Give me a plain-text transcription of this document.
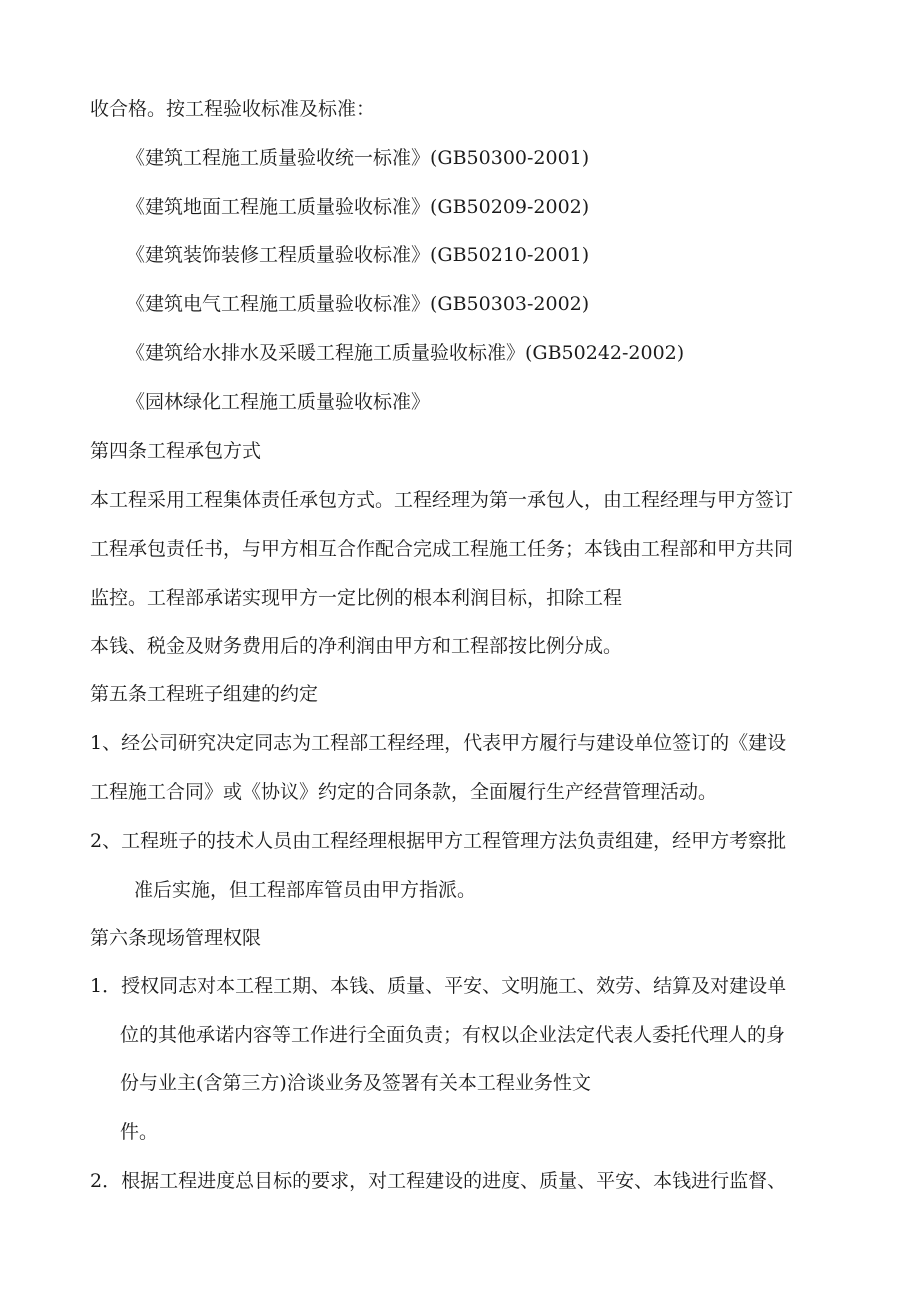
收合格。按工程验收标准及标准：
《建筑工程施工质量验收统一标准》(GB50300-2001)
《建筑地面工程施工质量验收标准》(GB50209-2002)
《建筑装饰装修工程质量验收标准》(GB50210-2001)
《建筑电气工程施工质量验收标准》(GB50303-2002)
《建筑给水排水及采暖工程施工质量验收标准》(GB50242-2002)
《园林绿化工程施工质量验收标准》
第四条工程承包方式
本工程采用工程集体责任承包方式。工程经理为第一承包人，由工程经理与甲方签订
工程承包责任书，与甲方相互合作配合完成工程施工任务；本钱由工程部和甲方共同
监控。工程部承诺实现甲方一定比例的根本利润目标，扣除工程
本钱、税金及财务费用后的净利润由甲方和工程部按比例分成。
第五条工程班子组建的约定
1、经公司研究决定同志为工程部工程经理，代表甲方履行与建设单位签订的《建设
工程施工合同》或《协议》约定的合同条款，全面履行生产经营管理活动。
2、工程班子的技术人员由工程经理根据甲方工程管理方法负责组建，经甲方考察批
准后实施，但工程部库管员由甲方指派。
第六条现场管理权限
1．授权同志对本工程工期、本钱、质量、平安、文明施工、效劳、结算及对建设单
位的其他承诺内容等工作进行全面负责；有权以企业法定代表人委托代理人的身
份与业主(含第三方)洽谈业务及签署有关本工程业务性文
件。
2．根据工程进度总目标的要求，对工程建设的进度、质量、平安、本钱进行监督、
